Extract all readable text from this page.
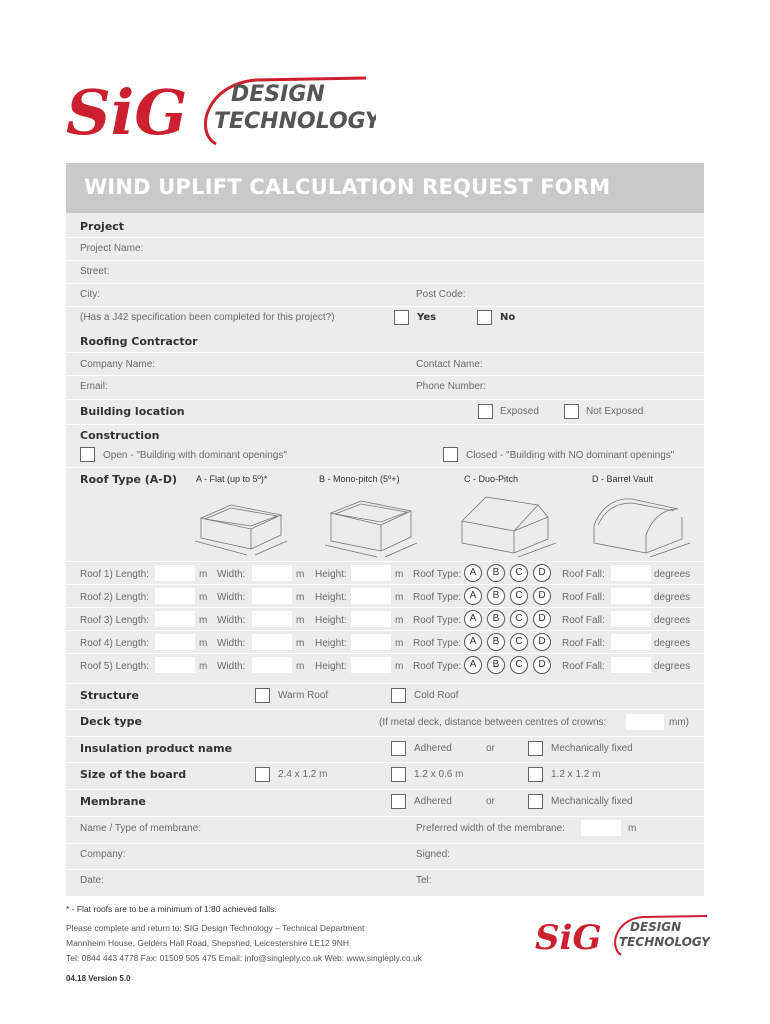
SiG DESIGN
TECHNOLOGY
WIND UPLIFT CALCULATION REQUEST FORM
Project
Project Name:
Street:
City:	Post Code:
(Has a J42 specification been completed for this project?)	Yes	No
Roofing Contractor
Company Name:	Contact Name:
Email:	Phone Number:
Building location	Exposed	Not Exposed
Construction
Open - "Building with dominant openings"	Closed - "Building with NO dominant openings"
Roof Type (A-D) A - Flat (up to 5º)*	B - Mono-pitch (5º+)	C - Duo-Pitch	D - Barrel Vault
Roof 1) Length:	m Width:	m Height:	m Roof Type: A	B	C	D	Roof Fall:	degrees
Roof 2) Length:	m Width:	m Height:	m Roof Type: A	B	C	D	Roof Fall:	degrees
Roof 3) Length:	m Width:	m Height:	m Roof Type: A	B	C	D	Roof Fall:	degrees
Roof 4) Length:	m Width:	m Height:	m Roof Type: A	B	C	D	Roof Fall:	degrees
Roof 5) Length:	m Width:	m Height:	m Roof Type: A	B	C	D	Roof Fall:	degrees
Structure	Warm Roof	Cold Roof
Deck type	(If metal deck, distance between centres of crowns:	mm)
Insulation product name	Adhered	or	Mechanically fixed
Size of the board	2.4 x 1.2 m	1.2 x 0.6 m	1.2 x 1.2 m
Membrane	Adhered	or	Mechanically fixed
Name / Type of membrane:	Preferred width of the membrane:	m
Company:	Signed:
Date:	Tel:
* - Flat roofs are to be a minimum of 1:80 achieved falls.
Please complete and return to: SIG Design Technology – Technical Department
Mannheim House, Gelders Hall Road, Shepshed, Leicestershire LE12 9NH
Tel: 0844 443 4778 Fax: 01509 505 475 Email: info@singleply.co.uk Web: www.singleply.co.uk
04.18 Version 5.0
SiG DESIGN
TECHNOLOGY
